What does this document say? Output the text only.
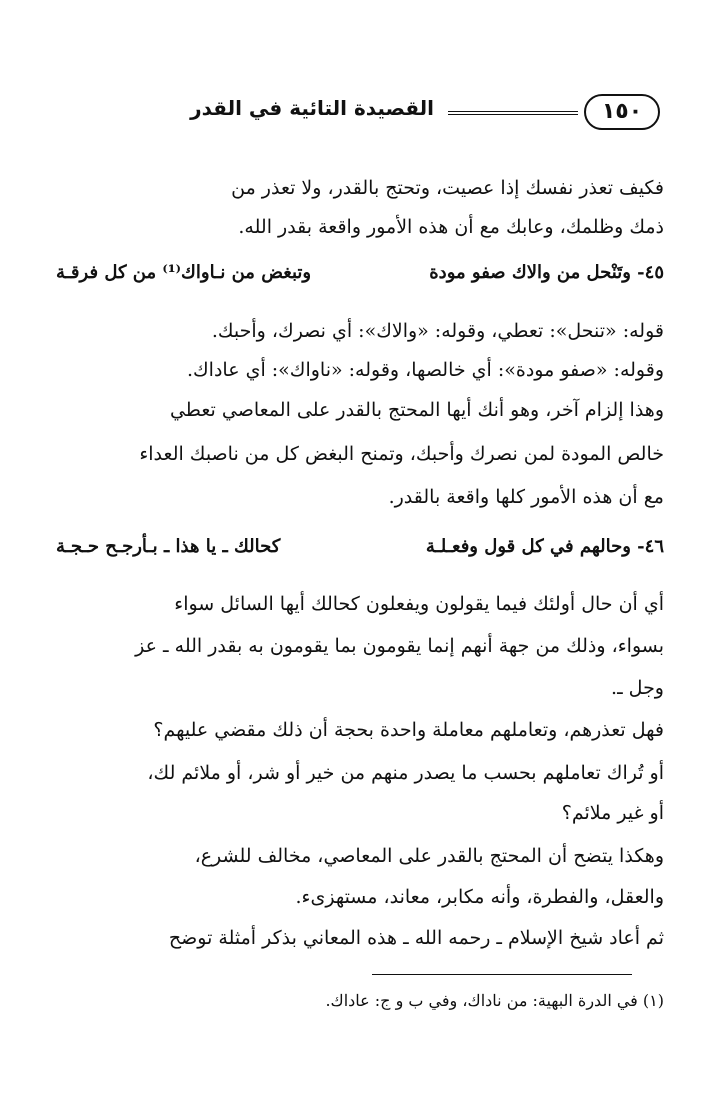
١٥٠
القصيدة التائية في القدر
فكيف تعذر نفسك إذا عصيت، وتحتج بالقدر، ولا تعذر من
ذمك وظلمك، وعابك مع أن هذه الأمور واقعة بقدر الله.
٤٥- وتَنْحل من والاك صفو مودة
وتبغض من نـاواك⁽¹⁾ من كل فرقـة
قوله: «تنحل»: تعطي، وقوله: «والاك»: أي نصرك، وأحبك.
وقوله: «صفو مودة»: أي خالصها، وقوله: «ناواك»: أي عاداك.
وهذا إلزام آخر، وهو أنك أيها المحتج بالقدر على المعاصي تعطي
خالص المودة لمن نصرك وأحبك، وتمنح البغض كل من ناصبك العداء
مع أن هذه الأمور كلها واقعة بالقدر.
٤٦- وحالهم في كل قول وفعـلـة
كحالك ـ يا هذا ـ بـأرجـح حـجـة
أي أن حال أولئك فيما يقولون ويفعلون كحالك أيها السائل سواء
بسواء، وذلك من جهة أنهم إنما يقومون بما يقومون به بقدر الله ـ عز
وجل ـ.
فهل تعذرهم، وتعاملهم معاملة واحدة بحجة أن ذلك مقضي عليهم؟
أو تُراك تعاملهم بحسب ما يصدر منهم من خير أو شر، أو ملائم لك،
أو غير ملائم؟
وهكذا يتضح أن المحتج بالقدر على المعاصي، مخالف للشرع،
والعقل، والفطرة، وأنه مكابر، معاند، مستهزىء.
ثم أعاد شيخ الإسلام ـ رحمه الله ـ هذه المعاني بذكر أمثلة توضح
(١) في الدرة البهية: من ناداك، وفي ب و ج: عاداك.
